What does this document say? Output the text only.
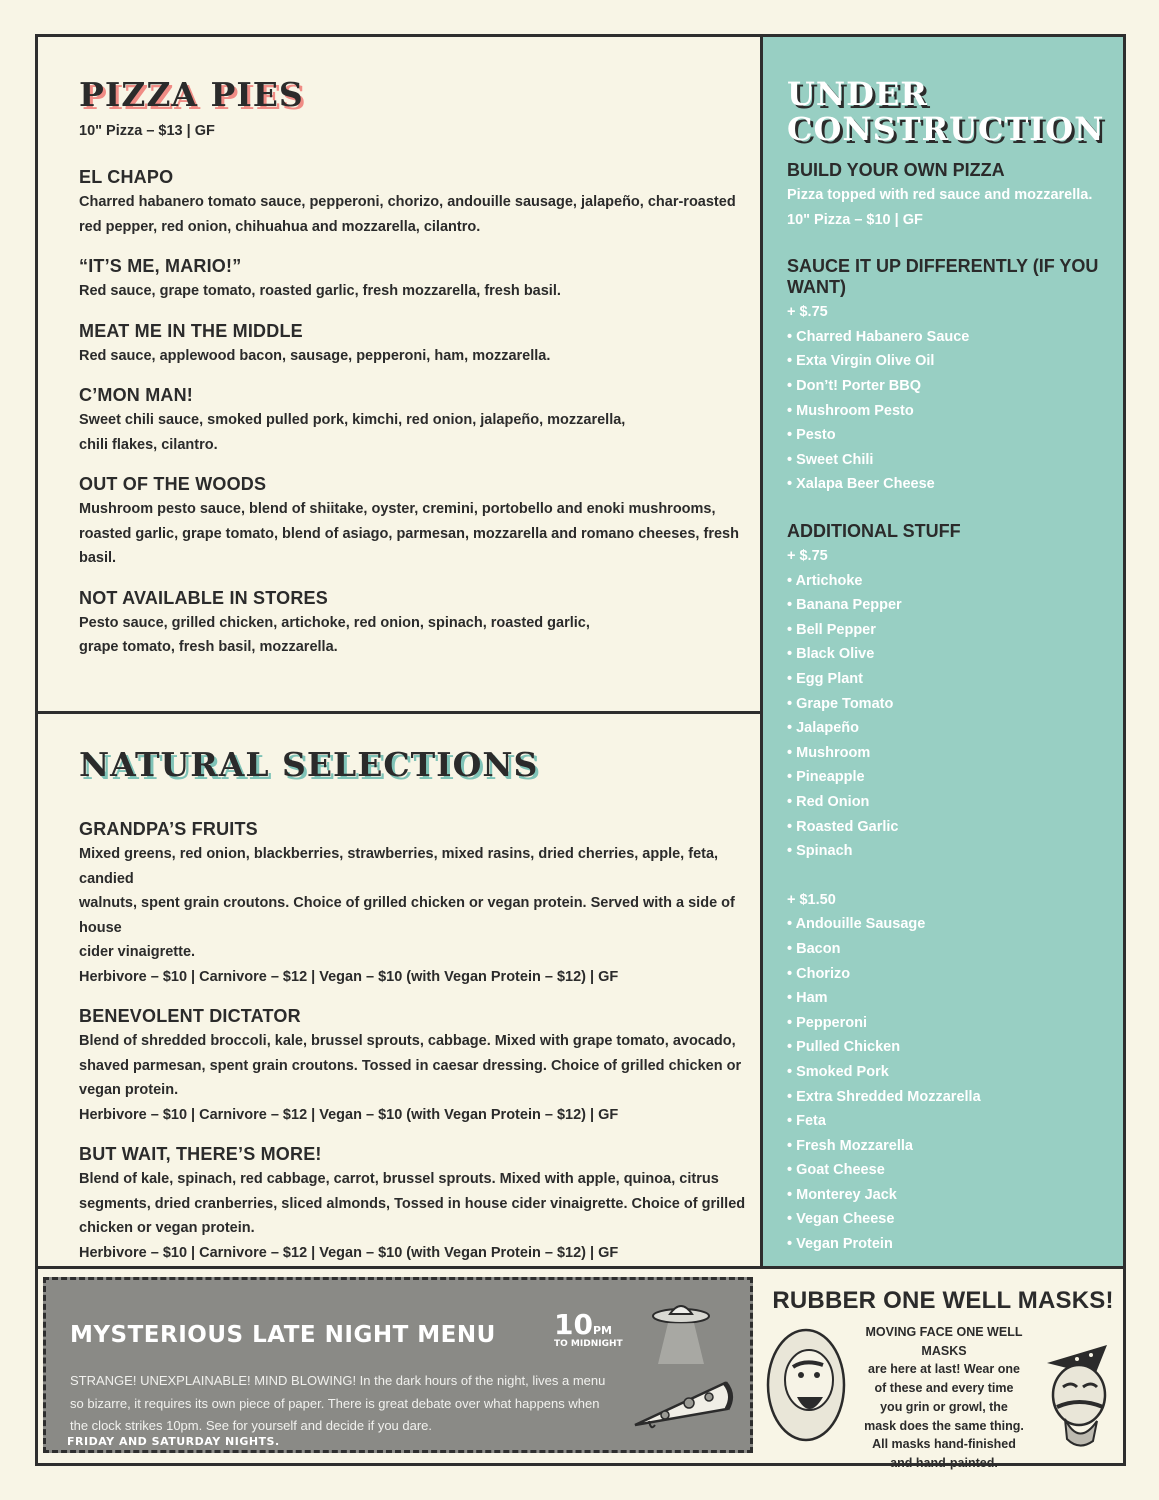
PIZZA PIES
10" Pizza – $13 | GF
EL CHAPO
Charred habanero tomato sauce, pepperoni, chorizo, andouille sausage, jalapeño, char-roasted
red pepper, red onion, chihuahua and mozzarella, cilantro.
“IT’S ME, MARIO!”
Red sauce, grape tomato, roasted garlic, fresh mozzarella, fresh basil.
MEAT ME IN THE MIDDLE
Red sauce, applewood bacon, sausage, pepperoni, ham, mozzarella.
C’MON MAN!
Sweet chili sauce, smoked pulled pork, kimchi, red onion, jalapeño, mozzarella,
chili flakes, cilantro.
OUT OF THE WOODS
Mushroom pesto sauce, blend of shiitake, oyster, cremini, portobello and enoki mushrooms,
roasted garlic, grape tomato, blend of asiago, parmesan, mozzarella and romano cheeses, fresh basil.
NOT AVAILABLE IN STORES
Pesto sauce, grilled chicken, artichoke, red onion, spinach, roasted garlic,
grape tomato, fresh basil, mozzarella.
NATURAL SELECTIONS
GRANDPA’S FRUITS
Mixed greens, red onion, blackberries, strawberries, mixed rasins, dried cherries, apple, feta, candied
walnuts, spent grain croutons. Choice of grilled chicken or vegan protein. Served with a side of house
cider vinaigrette.
Herbivore – $10 | Carnivore – $12 | Vegan – $10 (with Vegan Protein – $12) | GF
BENEVOLENT DICTATOR
Blend of shredded broccoli, kale, brussel sprouts, cabbage. Mixed with grape tomato, avocado,
shaved parmesan, spent grain croutons. Tossed in caesar dressing. Choice of grilled chicken or
vegan protein.
Herbivore – $10 | Carnivore – $12 | Vegan – $10 (with Vegan Protein – $12) | GF
BUT WAIT, THERE’S MORE!
Blend of kale, spinach, red cabbage, carrot, brussel sprouts. Mixed with apple, quinoa, citrus
segments, dried cranberries, sliced almonds, Tossed in house cider vinaigrette. Choice of grilled
chicken or vegan protein.
Herbivore – $10 | Carnivore – $12 | Vegan – $10 (with Vegan Protein – $12) | GF
UNDER
CONSTRUCTION
BUILD YOUR OWN PIZZA
Pizza topped with red sauce and mozzarella.
10" Pizza – $10 | GF
SAUCE IT UP DIFFERENTLY (IF YOU WANT)
+ $.75
• Charred Habanero Sauce
• Exta Virgin Olive Oil
• Don’t! Porter BBQ
• Mushroom Pesto
• Pesto
• Sweet Chili
• Xalapa Beer Cheese
ADDITIONAL STUFF
+ $.75
• Artichoke
• Banana Pepper
• Bell Pepper
• Black Olive
• Egg Plant
• Grape Tomato
• Jalapeño
• Mushroom
• Pineapple
• Red Onion
• Roasted Garlic
• Spinach
+ $1.50
• Andouille Sausage
• Bacon
• Chorizo
• Ham
• Pepperoni
• Pulled Chicken
• Smoked Pork
• Extra Shredded Mozzarella
• Feta
• Fresh Mozzarella
• Goat Cheese
• Monterey Jack
• Vegan Cheese
• Vegan Protein
MYSTERIOUS LATE NIGHT MENU 10PM
TO MIDNIGHT
STRANGE! UNEXPLAINABLE! MIND BLOWING! In the dark hours of the night, lives a menu so bizarre, it requires its own piece of paper. There is great debate over what happens when the clock strikes 10pm. See for yourself and decide if you dare.
FRIDAY AND SATURDAY NIGHTS.
RUBBER ONE WELL MASKS!
MOVING FACE ONE WELL MASKS
are here at last! Wear one
of these and every time
you grin or growl, the
mask does the same thing.
All masks hand-finished
and hand-painted.
